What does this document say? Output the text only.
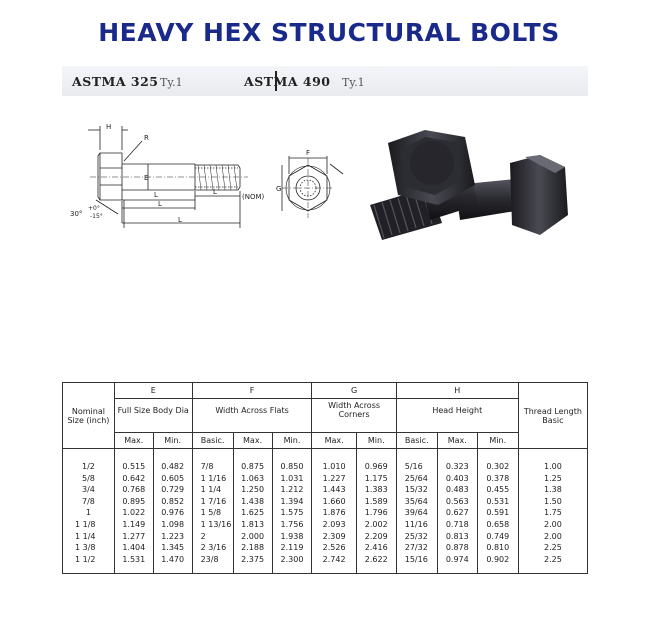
HEAVY HEX STRUCTURAL BOLTS
ASTMA 325 Ty.1	ASTMA 490 Ty.1
H
R
E
L
L
L
L
(NOM)
30°
+0°
-15°
F
G
Nominal Size (inch)	E		F			G		H			Thread Length Basic
	Full Size Body Dia		Width Across Flats			Width Across Corners		Head Height			
	Max.	Min.	Basic.	Max.	Min.	Max.	Min.	Basic.	Max.	Min.	
1/2	0.515	0.482	7/8	0.875	0.850	1.010	0.969	5/16	0.323	0.302	1.00
5/8	0.642	0.605	1 1/16	1.063	1.031	1.227	1.175	25/64	0.403	0.378	1.25
3/4	0.768	0.729	1 1/4	1.250	1.212	1.443	1.383	15/32	0.483	0.455	1.38
7/8	0.895	0.852	1 7/16	1.438	1.394	1.660	1.589	35/64	0.563	0.531	1.50
1	1.022	0.976	1 5/8	1.625	1.575	1.876	1.796	39/64	0.627	0.591	1.75
1 1/8	1.149	1.098	1 13/16	1.813	1.756	2.093	2.002	11/16	0.718	0.658	2.00
1 1/4	1.277	1.223	2	2.000	1.938	2.309	2.209	25/32	0.813	0.749	2.00
1 3/8	1.404	1.345	2 3/16	2.188	2.119	2.526	2.416	27/32	0.878	0.810	2.25
1 1/2	1.531	1.470	23/8	2.375	2.300	2.742	2.622	15/16	0.974	0.902	2.25
